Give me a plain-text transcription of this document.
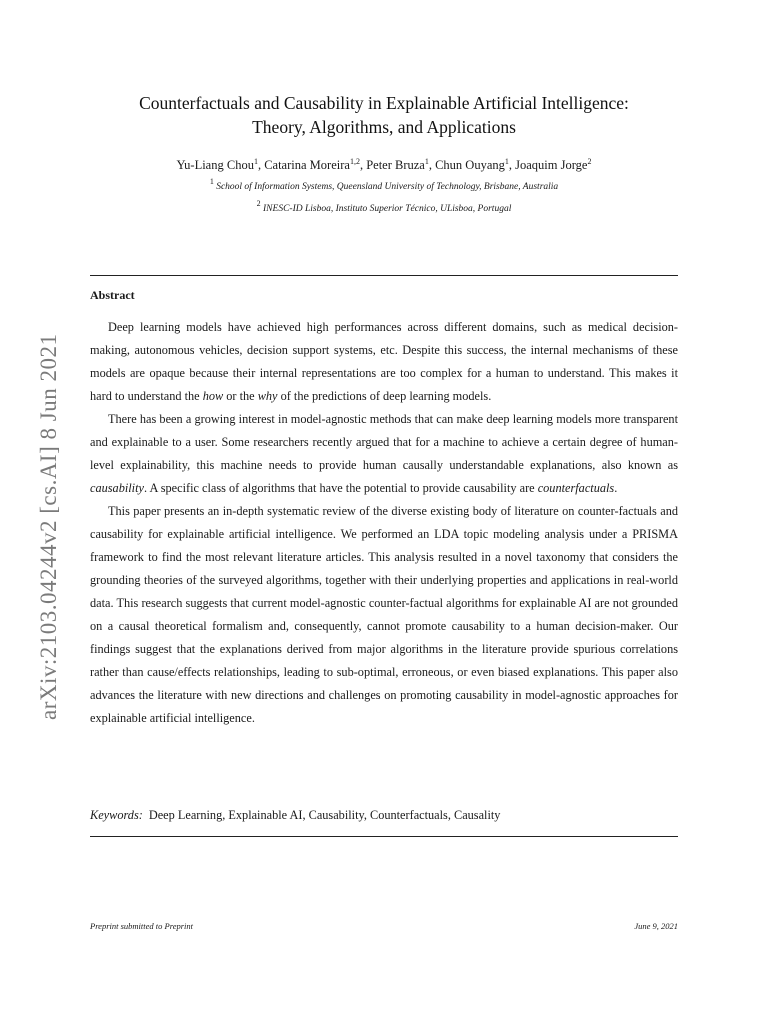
arXiv:2103.04244v2 [cs.AI] 8 Jun 2021
Counterfactuals and Causability in Explainable Artificial Intelligence:
Theory, Algorithms, and Applications
Yu-Liang Chou$^1$, Catarina Moreira$^{1,2}$, Peter Bruza$^1$, Chun Ouyang$^1$, Joaquim Jorge$^2$
$^1$ School of Information Systems, Queensland University of Technology, Brisbane, Australia
$^2$ INESC-ID Lisboa, Instituto Superior Técnico, ULisboa, Portugal
Abstract

Deep learning models have achieved high performances across different domains, such as medical decision-making, autonomous vehicles, decision support systems, etc. Despite this success, the internal mechanisms of these models are opaque because their internal representations are too complex for a human to understand. This makes it hard to understand the how or the why of the predictions of deep learning models.

There has been a growing interest in model-agnostic methods that can make deep learning models more transparent and explainable to a user. Some researchers recently argued that for a machine to achieve a certain degree of human-level explainability, this machine needs to provide human causally understandable explanations, also known as causability. A specific class of algorithms that have the potential to provide causability are counterfactuals.

This paper presents an in-depth systematic review of the diverse existing body of literature on counter-factuals and causability for explainable artificial intelligence. We performed an LDA topic modeling analysis under a PRISMA framework to find the most relevant literature articles. This analysis resulted in a novel taxonomy that considers the grounding theories of the surveyed algorithms, together with their underlying properties and applications in real-world data. This research suggests that current model-agnostic counter-factual algorithms for explainable AI are not grounded on a causal theoretical formalism and, consequently, cannot promote causability to a human decision-maker. Our findings suggest that the explanations derived from major algorithms in the literature provide spurious correlations rather than cause/effects relationships, leading to sub-optimal, erroneous, or even biased explanations. This paper also advances the literature with new directions and challenges on promoting causability in model-agnostic approaches for explainable artificial intelligence.

Keywords: Deep Learning, Explainable AI, Causability, Counterfactuals, Causality
Preprint submitted to Preprint	June 9, 2021
